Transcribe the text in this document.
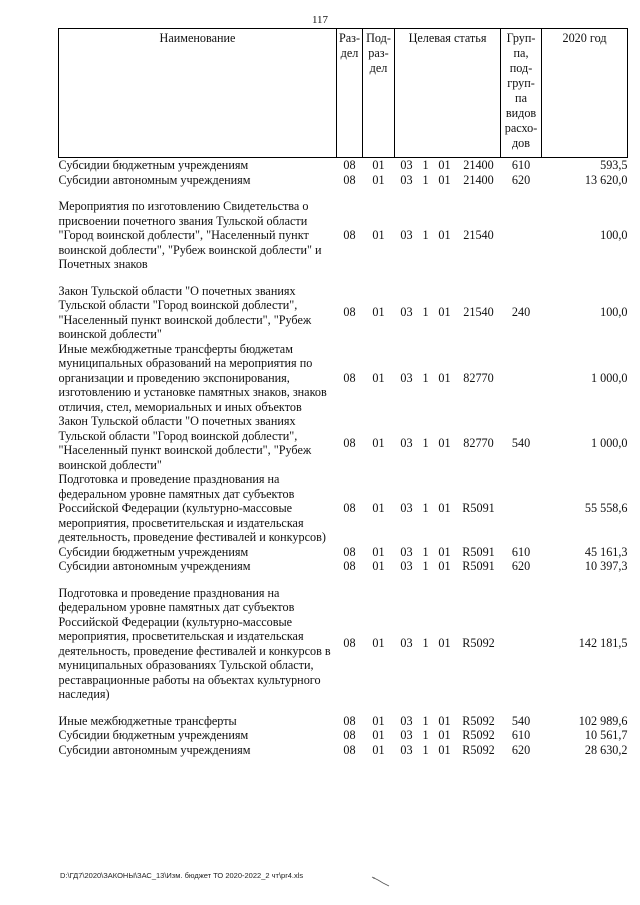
117
Наименование	Раз-дел	Под-раз-дел	Целевая статья				Груп-па, под-груп-па видов расхо-дов	2020 год
Субсидии бюджетным учреждениям	08	01	03	1	01	21400	610	593,5
Субсидии автономным учреждениям	08	01	03	1	01	21400	620	13 620,0

Мероприятия по изготовлению Свидетельства о присвоении почетного звания Тульской области "Город воинской доблести", "Населенный пункт воинской доблести", "Рубеж воинской доблести" и Почетных знаков	08	01	03	1	01	21540		100,0

Закон Тульской области "О почетных званиях Тульской области "Город воинской доблести", "Населенный пункт воинской доблести", "Рубеж воинской доблести"	08	01	03	1	01	21540	240	100,0
Иные межбюджетные трансферты бюджетам муниципальных образований на мероприятия по организации и проведению экспонирования, изготовлению и установке памятных знаков, знаков отличия, стел, мемориальных и иных объектов	08	01	03	1	01	82770		1 000,0
Закон Тульской области "О почетных званиях Тульской области "Город воинской доблести", "Населенный пункт воинской доблести", "Рубеж воинской доблести"	08	01	03	1	01	82770	540	1 000,0
Подготовка и проведение празднования на федеральном уровне памятных дат субъектов Российской Федерации (культурно-массовые мероприятия, просветительская и издательская деятельность, проведение фестивалей и конкурсов)	08	01	03	1	01	R5091		55 558,6
Субсидии бюджетным учреждениям	08	01	03	1	01	R5091	610	45 161,3
Субсидии автономным учреждениям	08	01	03	1	01	R5091	620	10 397,3

Подготовка и проведение празднования на федеральном уровне памятных дат субъектов Российской Федерации (культурно-массовые мероприятия, просветительская и издательская деятельность, проведение фестивалей и конкурсов в муниципальных образованиях Тульской области, реставрационные работы на объектах культурного наследия)	08	01	03	1	01	R5092		142 181,5

Иные межбюджетные трансферты	08	01	03	1	01	R5092	540	102 989,6
Субсидии бюджетным учреждениям	08	01	03	1	01	R5092	610	10 561,7
Субсидии автономным учреждениям	08	01	03	1	01	R5092	620	28 630,2
D:\ГД7\2020\ЗАКОНЫ\ЗАС_13\Изм. бюджет ТО 2020-2022_2 чт\pr4.xls
